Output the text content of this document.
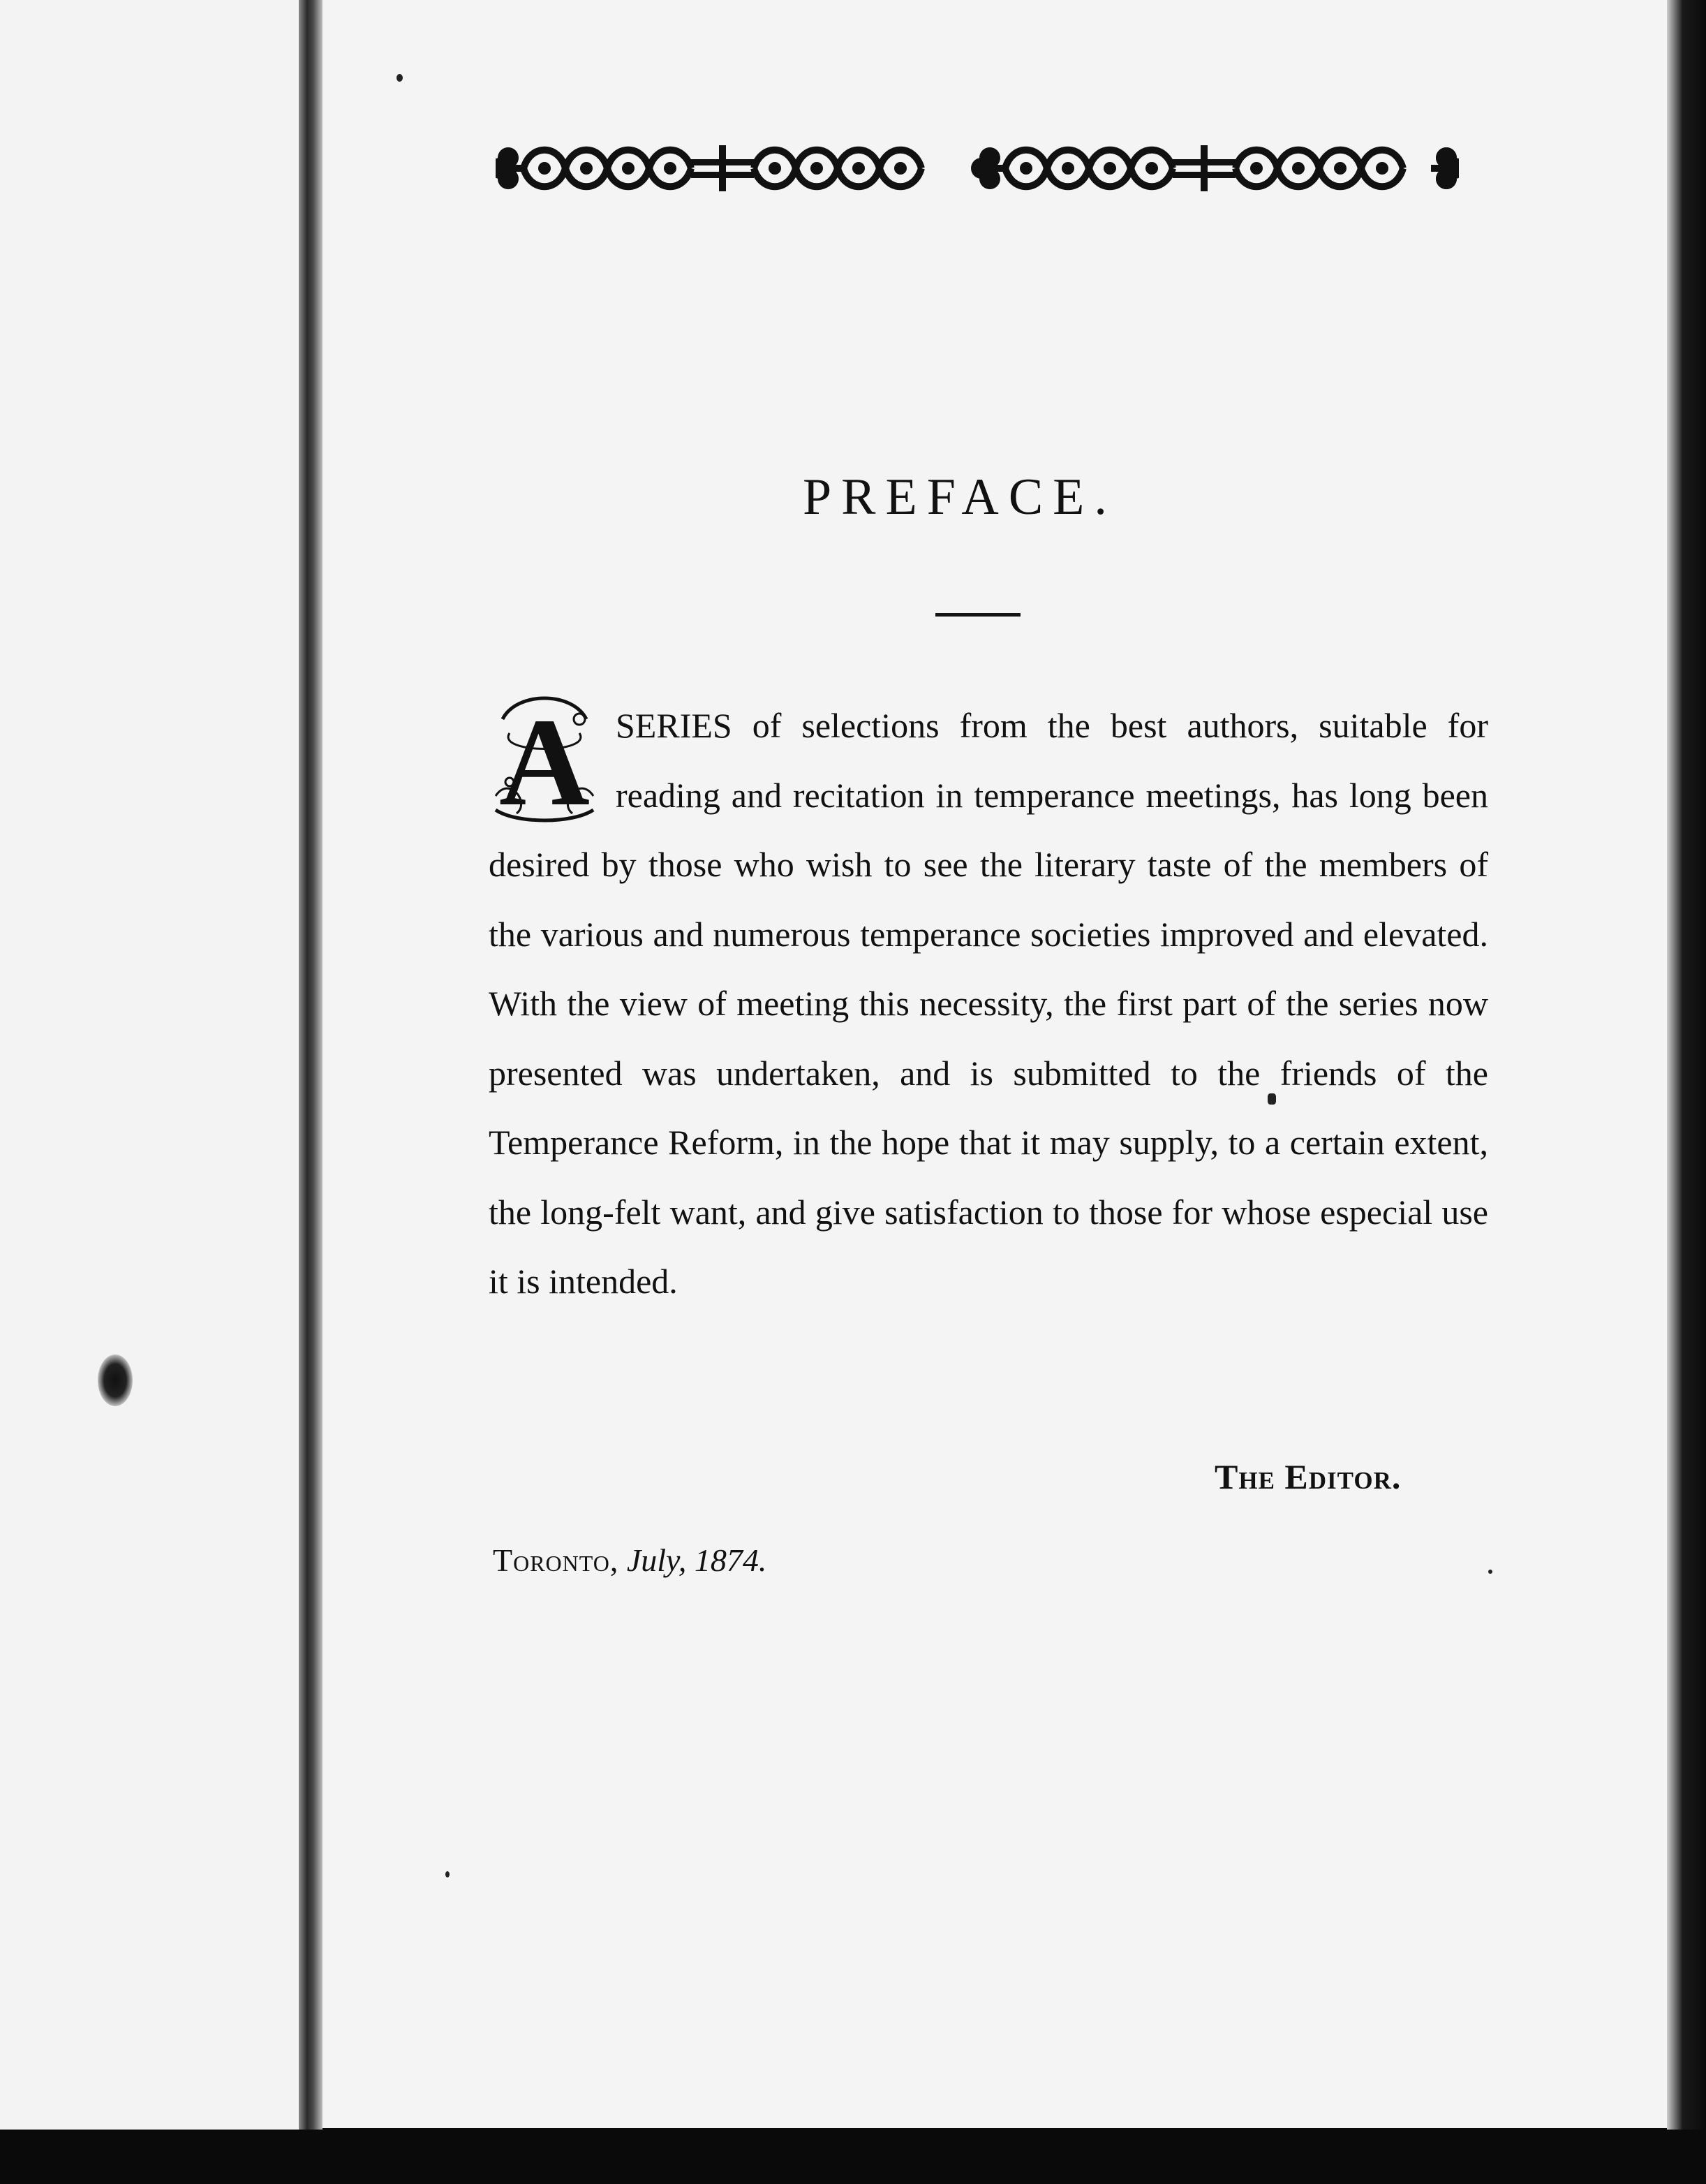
PREFACE.
A SERIES of selections from the best authors, suitable for reading and recitation in temperance meetings, has long been desired by those who wish to see the literary taste of the members of the various and numerous temperance societies improved and elevated. With the view of meeting this necessity, the first part of the series now presented was undertaken, and is submitted to the friends of the Temperance Reform, in the hope that it may supply, to a certain extent, the long-felt want, and give satisfaction to those for whose especial use it is intended.

The Editor.
Toronto, July, 1874.
